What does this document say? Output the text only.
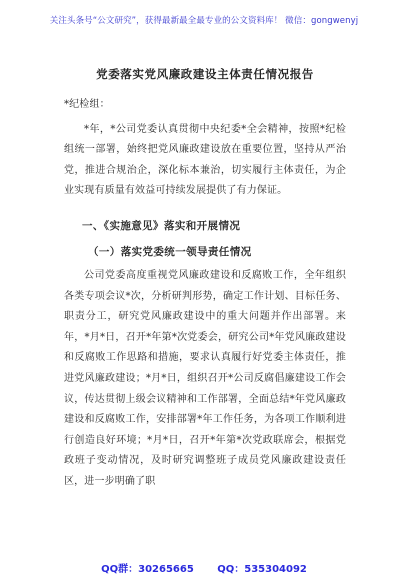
关注头条号“公文研究”，获得最新最全最专业的公文资料库！ 微信：gongwenyj
党委落实党风廉政建设主体责任情况报告

*纪检组：

*年，*公司党委认真贯彻中央纪委*全会精神，按照*纪检组统一部署，始终把党风廉政建设放在重要位置，坚持从严治党，推进合规治企，深化标本兼治，切实履行主体责任，为企业实现有质量有效益可持续发展提供了有力保证。

一、《实施意见》落实和开展情况
（一）落实党委统一领导责任情况

公司党委高度重视党风廉政建设和反腐败工作，全年组织各类专项会议*次，分析研判形势，确定工作计划、目标任务、职责分工，研究党风廉政建设中的重大问题并作出部署。来年，*月*日，召开*年第*次党委会，研究公司*年党风廉政建设和反腐败工作思路和措施，要求认真履行好党委主体责任，推进党风廉政建设；*月*日，组织召开*公司反腐倡廉建设工作会议，传达贯彻上级会议精神和工作部署，全面总结*年党风廉政建设和反腐败工作，安排部署*年工作任务，为各项工作顺利进行创造良好环境；*月*日，召开*年第*次党政联席会，根据党政班子变动情况，及时研究调整班子成员党风廉政建设责任区，进一步明确了职

QQ群：30265665 QQ：535304092
